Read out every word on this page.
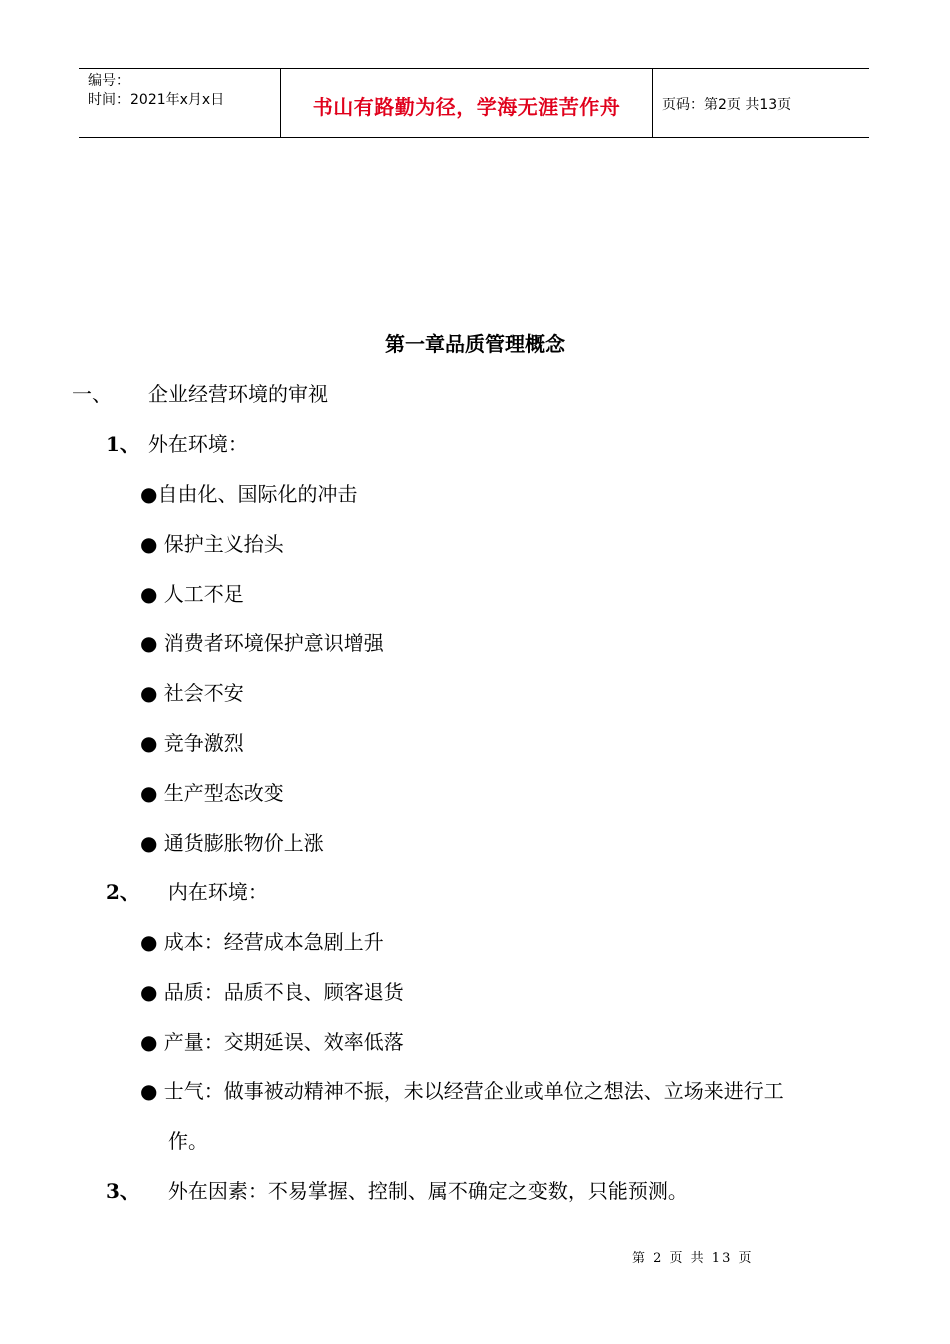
编号：
时间：2021年x月x日	书山有路勤为径，学海无涯苦作舟	页码：第2页 共13页
第一章品质管理概念
一、 企业经营环境的审视
1、 外在环境：
●自由化、国际化的冲击
● 保护主义抬头
● 人工不足
● 消费者环境保护意识增强
● 社会不安
● 竞争激烈
● 生产型态改变
● 通货膨胀物价上涨
2、 内在环境：
● 成本：经营成本急剧上升
● 品质：品质不良、顾客退货
● 产量：交期延误、效率低落
● 士气：做事被动精神不振，未以经营企业或单位之想法、立场来进行工
作。
3、 外在因素：不易掌握、控制、属不确定之变数，只能预测。
第 2 页 共 13 页
